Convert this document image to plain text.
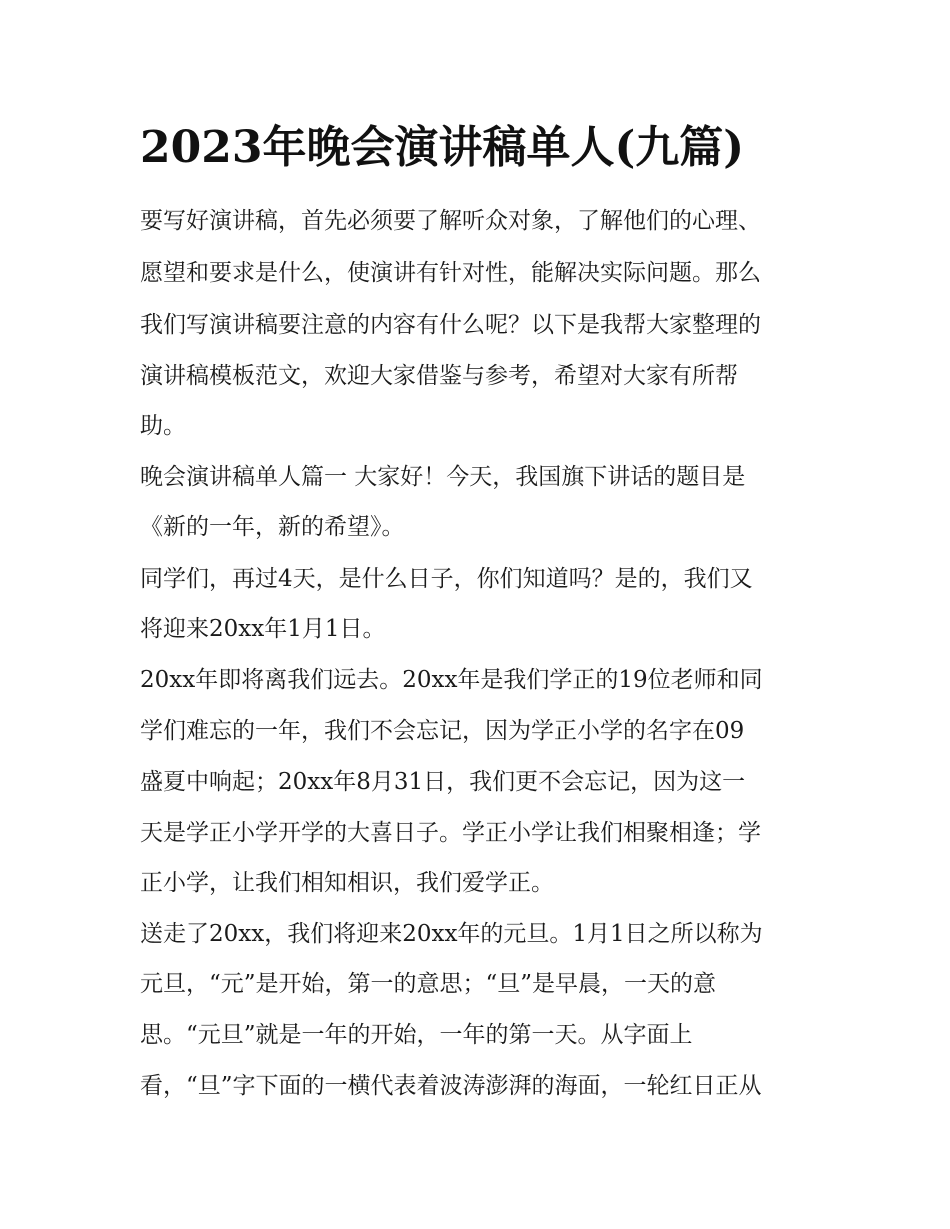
2023年晚会演讲稿单人(九篇)

要写好演讲稿，首先必须要了解听众对象，了解他们的心理、

愿望和要求是什么，使演讲有针对性，能解决实际问题。那么

我们写演讲稿要注意的内容有什么呢？以下是我帮大家整理的

演讲稿模板范文，欢迎大家借鉴与参考，希望对大家有所帮

助。

晚会演讲稿单人篇一 大家好！今天，我国旗下讲话的题目是

《新的一年，新的希望》。

同学们，再过4天，是什么日子，你们知道吗？是的，我们又

将迎来20xx年1月1日。

20xx年即将离我们远去。20xx年是我们学正的19位老师和同

学们难忘的一年，我们不会忘记，因为学正小学的名字在09

盛夏中响起；20xx年8月31日，我们更不会忘记，因为这一

天是学正小学开学的大喜日子。学正小学让我们相聚相逢；学

正小学，让我们相知相识，我们爱学正。

送走了20xx，我们将迎来20xx年的元旦。1月1日之所以称为

元旦，“元”是开始，第一的意思；“旦”是早晨，一天的意

思。“元旦”就是一年的开始，一年的第一天。从字面上

看，“旦”字下面的一横代表着波涛澎湃的海面，一轮红日正从
